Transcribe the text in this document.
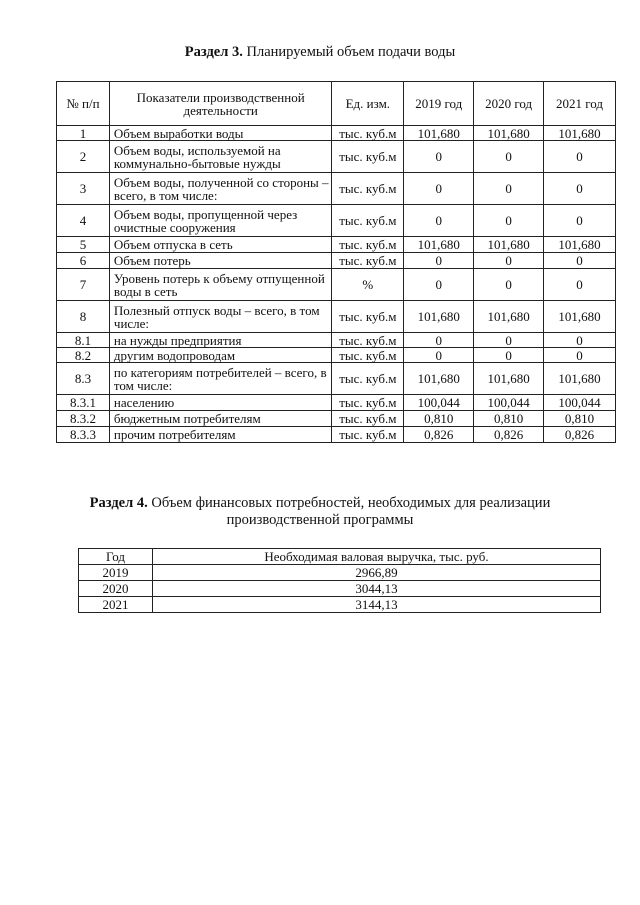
Раздел 3. Планируемый объем подачи воды
№ п/п	Показатели производственной деятельности	Ед. изм.	2019 год	2020 год	2021 год
1	Объем выработки воды	тыс. куб.м	101,680	101,680	101,680
2	Объем воды, используемой на коммунально-бытовые нужды	тыс. куб.м	0	0	0
3	Объем воды, полученной со стороны – всего, в том числе:	тыс. куб.м	0	0	0
4	Объем воды, пропущенной через очистные сооружения	тыс. куб.м	0	0	0
5	Объем отпуска в сеть	тыс. куб.м	101,680	101,680	101,680
6	Объем потерь	тыс. куб.м	0	0	0
7	Уровень потерь к объему отпущенной воды в сеть	%	0	0	0
8	Полезный отпуск воды – всего, в том числе:	тыс. куб.м	101,680	101,680	101,680
8.1	на нужды предприятия	тыс. куб.м	0	0	0
8.2	другим водопроводам	тыс. куб.м	0	0	0
8.3	по категориям потребителей – всего, в том числе:	тыс. куб.м	101,680	101,680	101,680
8.3.1	населению	тыс. куб.м	100,044	100,044	100,044
8.3.2	бюджетным потребителям	тыс. куб.м	0,810	0,810	0,810
8.3.3	прочим потребителям	тыс. куб.м	0,826	0,826	0,826
Раздел 4. Объем финансовых потребностей, необходимых для реализации
производственной программы
Год	Необходимая валовая выручка, тыс. руб.
2019	2966,89
2020	3044,13
2021	3144,13
